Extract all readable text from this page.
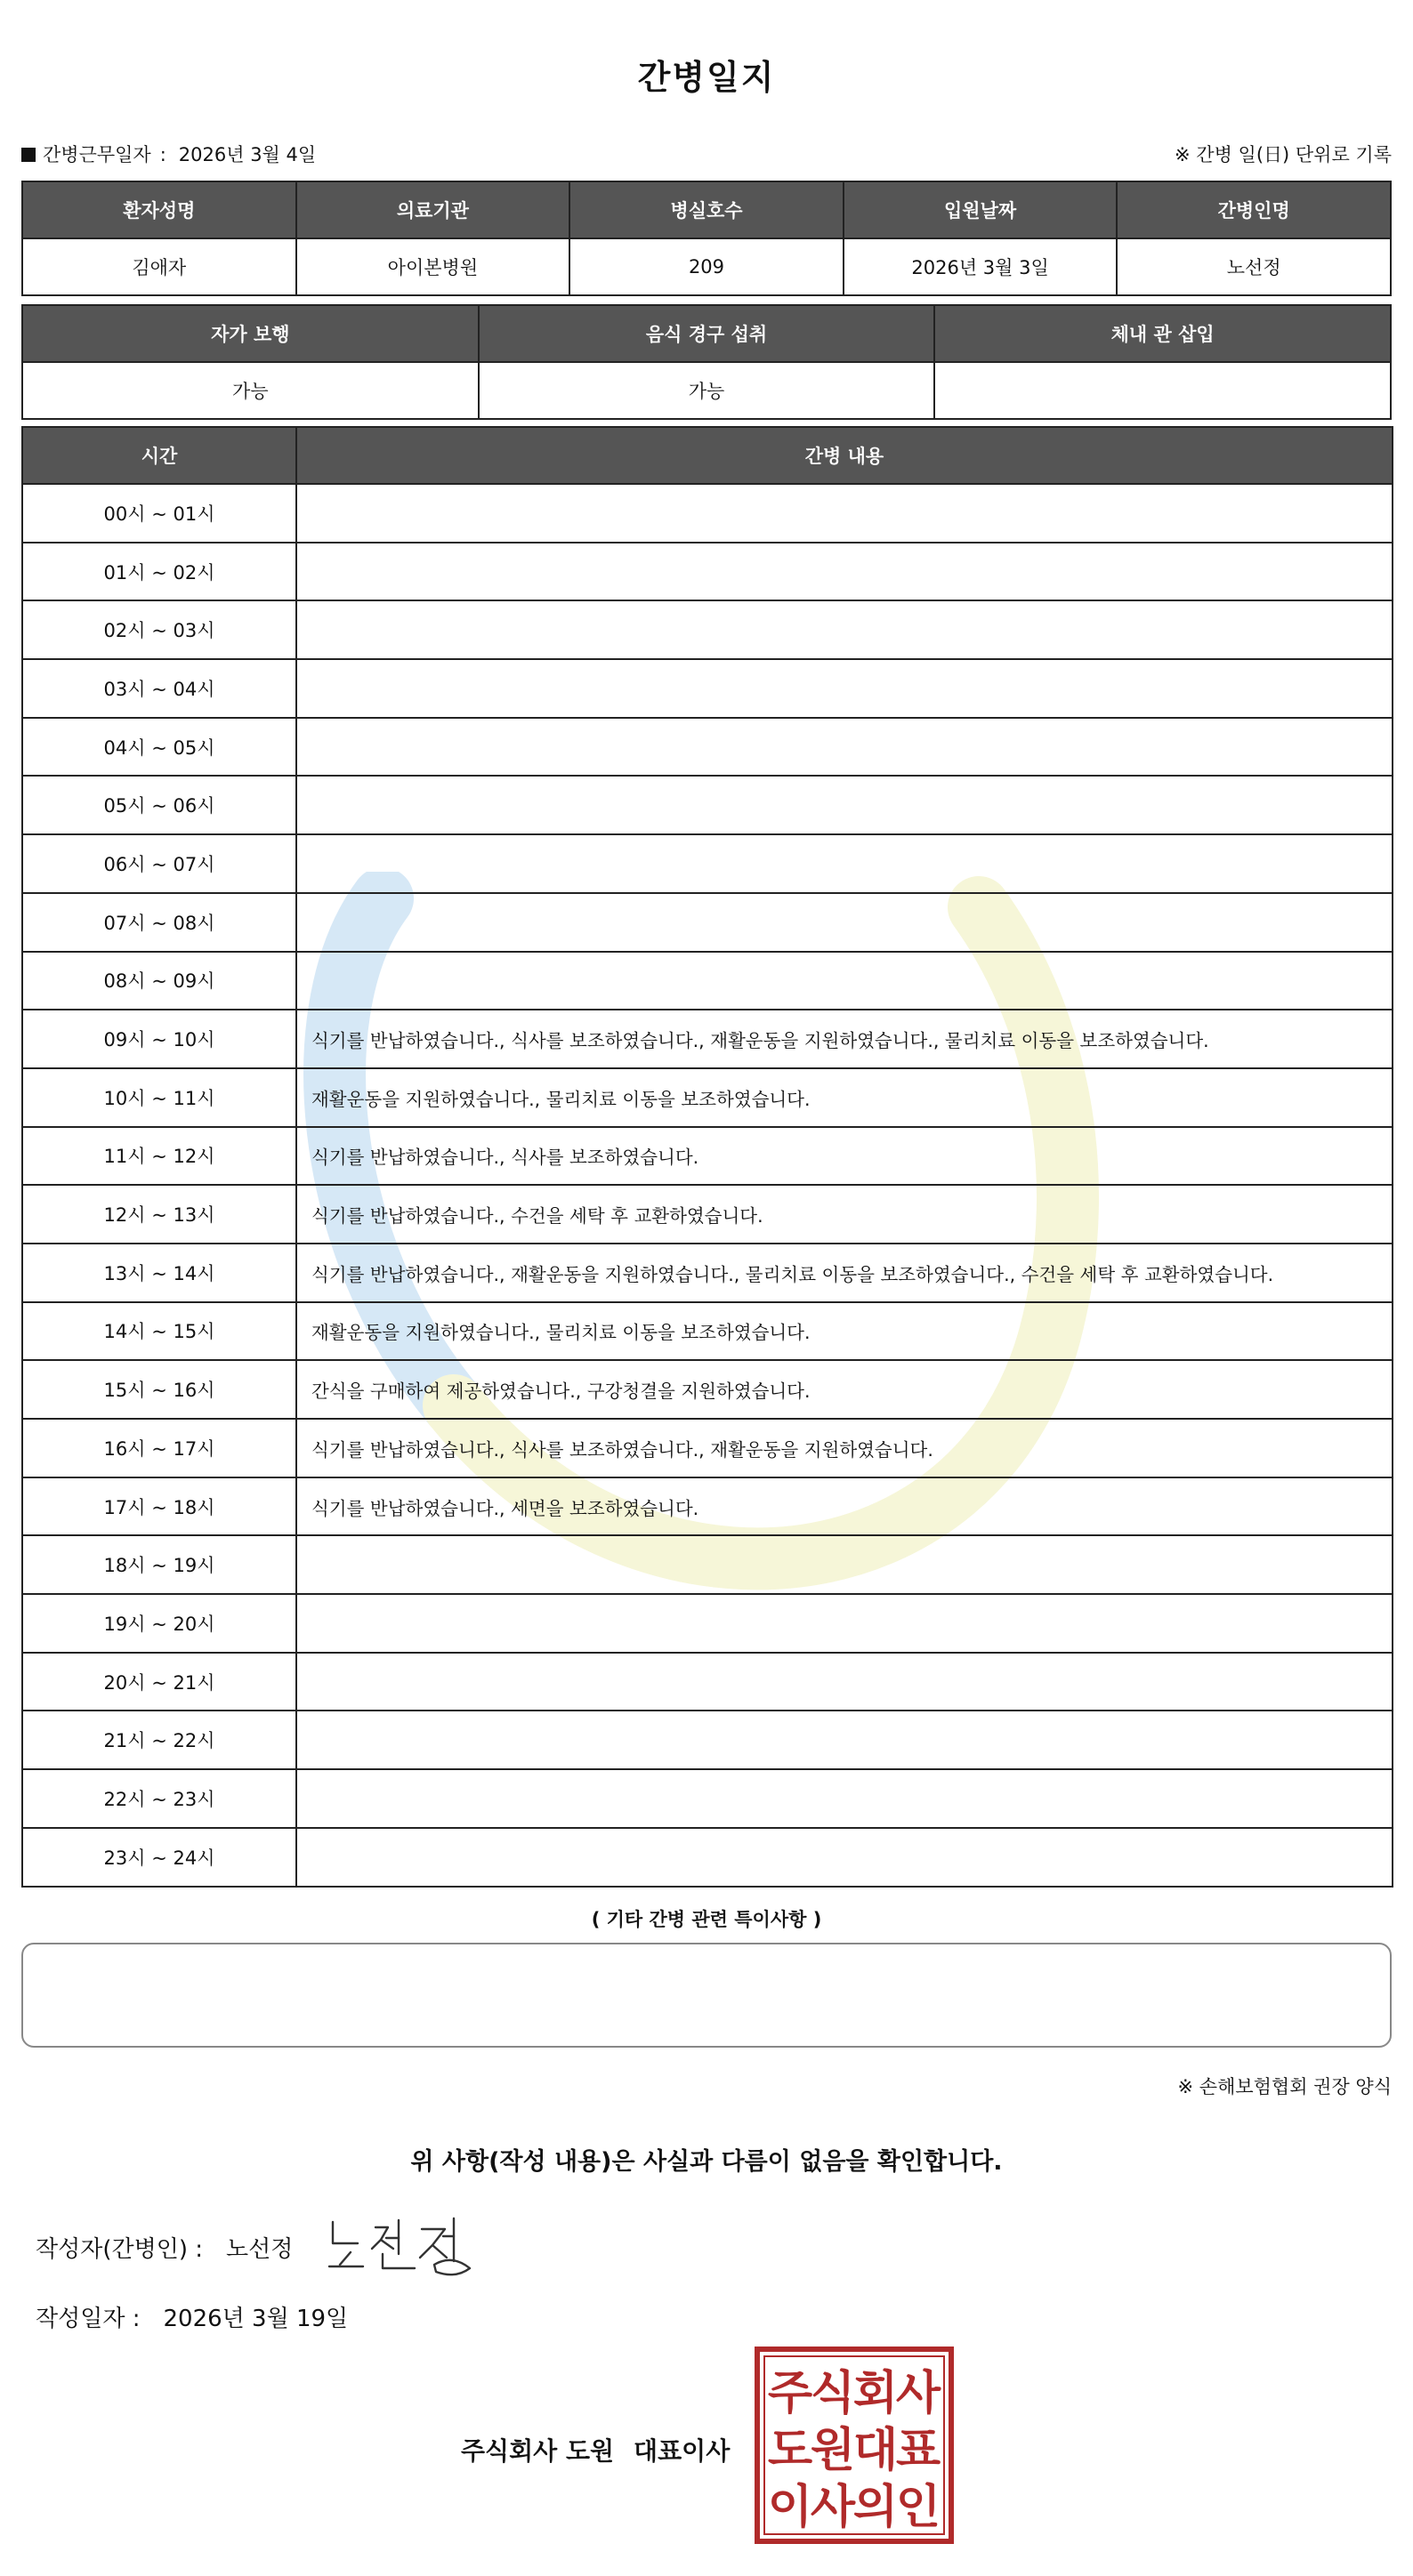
간병일지
간병근무일자 : 2026년 3월 4일	※ 간병 일(日) 단위로 기록
환자성명	의료기관	병실호수	입원날짜	간병인명
김애자	아이본병원	209	2026년 3월 3일	노선정
자가 보행	음식 경구 섭취	체내 관 삽입
가능	가능	
시간	간병 내용
00시 ~ 01시	
01시 ~ 02시	
02시 ~ 03시	
03시 ~ 04시	
04시 ~ 05시	
05시 ~ 06시	
06시 ~ 07시	
07시 ~ 08시	
08시 ~ 09시	
09시 ~ 10시	식기를 반납하였습니다., 식사를 보조하였습니다., 재활운동을 지원하였습니다., 물리치료 이동을 보조하였습니다.
10시 ~ 11시	재활운동을 지원하였습니다., 물리치료 이동을 보조하였습니다.
11시 ~ 12시	식기를 반납하였습니다., 식사를 보조하였습니다.
12시 ~ 13시	식기를 반납하였습니다., 수건을 세탁 후 교환하였습니다.
13시 ~ 14시	식기를 반납하였습니다., 재활운동을 지원하였습니다., 물리치료 이동을 보조하였습니다., 수건을 세탁 후 교환하였습니다.
14시 ~ 15시	재활운동을 지원하였습니다., 물리치료 이동을 보조하였습니다.
15시 ~ 16시	간식을 구매하여 제공하였습니다., 구강청결을 지원하였습니다.
16시 ~ 17시	식기를 반납하였습니다., 식사를 보조하였습니다., 재활운동을 지원하였습니다.
17시 ~ 18시	식기를 반납하였습니다., 세면을 보조하였습니다.
18시 ~ 19시	
19시 ~ 20시	
20시 ~ 21시	
21시 ~ 22시	
22시 ~ 23시	
23시 ~ 24시	
( 기타 간병 관련 특이사항 )
※ 손해보험협회 권장 양식
위 사항(작성 내용)은 사실과 다름이 없음을 확인합니다.
작성자(간병인) : 노선정
작성일자 : 2026년 3월 19일
주식회사 도원 대표이사
주
식
회
사
도
원
대
표
이
사
의
인
